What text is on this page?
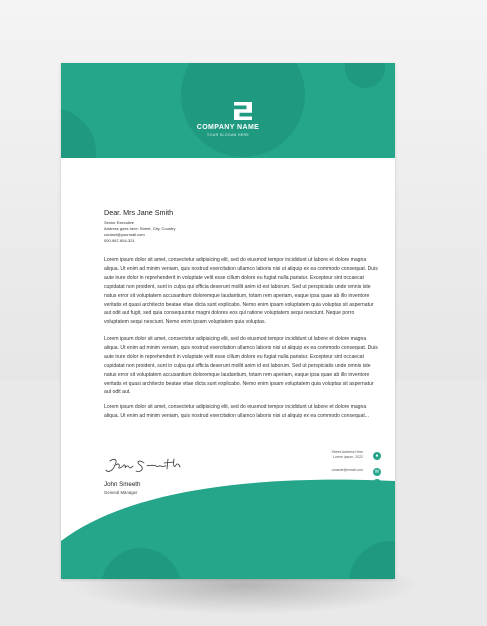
COMPANY NAME
YOUR SLOGAN HERE
Dear. Mrs Jane Smith
Senior Executive
Address goes here: Street, City, Country
contact@yourmail.com
000-987-654-321
Lorem ipsum dolor sit amet, consectetur adipisicing elit, sed do eiusmod tempor incididunt ut labore et dolore magna
aliqua. Ut enim ad minim veniam, quis nostrud exercitation ullamco laboris nisi ut aliquip ex ea commodo consequat. Duis
aute irure dolor in reprehenderit in voluptate velit esse cillum dolore eu fugiat nulla pariatur. Excepteur sint occaecat
cupidatat non proident, sunt in culpa qui officia deserunt mollit anim id est laborum. Sed ut perspiciatis unde omnis iste
natus error sit voluptatem accusantium doloremque laudantium, totam rem aperiam, eaque ipsa quae ab illo inventore
veritatis et quasi architecto beatae vitae dicta sunt explicabo. Nemo enim ipsam voluptatem quia voluptas sit aspernatur
aut odit aut fugit, sed quia consequuntur magni dolores eos qui ratione voluptatem sequi nesciunt. Neque porro
voluptatem sequi nesciunt. Nemo enim ipsam voluptatem quia voluptas.
Lorem ipsum dolor sit amet, consectetur adipisicing elit, sed do eiusmod tempor incididunt ut labore et dolore magna
aliqua. Ut enim ad minim veniam, quis nostrud exercitation ullamco laboris nisi ut aliquip ex ea commodo consequat. Duis
aute irure dolor in reprehenderit in voluptate velit esse cillum dolore eu fugiat nulla pariatur. Excepteur sint occaecat
cupidatat non proident, sunt in culpa qui officia deserunt mollit anim id est laborum. Sed ut perspiciatis unde omnis iste
natus error sit voluptatem accusantium doloremque laudantium, totam rem aperiam, eaque ipsa quae ab illo inventore
veritatis et quasi architecto beatae vitae dicta sunt explicabo. Nemo enim ipsam voluptatem quia voluptas sit aspernatur
aut odit aut.
Lorem ipsum dolor sit amet, consectetur adipisicing elit, sed do eiusmod tempor incididunt ut labore et dolore magna
aliqua. Ut enim ad minim veniam, quis nostrud exercitation ullamco laboris nisi ut aliquip ex ea commodo consequat...
John Smeeth
General Manager
Street Address Here
Lorem ipsum, 2022	●
urname@email.com	✉
